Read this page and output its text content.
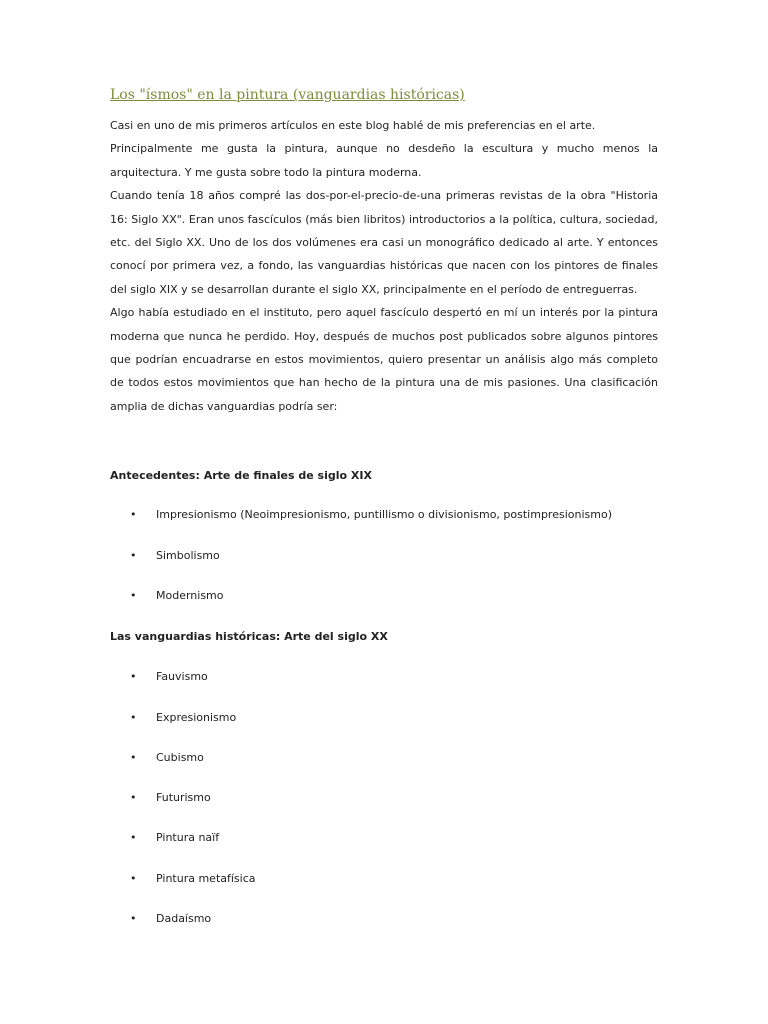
Los "ísmos" en la pintura (vanguardias históricas)

Casi en uno de mis primeros artículos en este blog hablé de mis preferencias en el arte.

Principalmente me gusta la pintura, aunque no desdeño la escultura y mucho menos la arquitectura. Y me gusta sobre todo la pintura moderna.

Cuando tenía 18 años compré las dos-por-el-precio-de-una primeras revistas de la obra "Historia 16: Siglo XX". Eran unos fascículos (más bien libritos) introductorios a la política, cultura, sociedad, etc. del Siglo XX. Uno de los dos volúmenes era casi un monográfico dedicado al arte. Y entonces conocí por primera vez, a fondo, las vanguardias históricas que nacen con los pintores de finales del siglo XIX y se desarrollan durante el siglo XX, principalmente en el período de entreguerras.

Algo había estudiado en el instituto, pero aquel fascículo despertó en mí un interés por la pintura moderna que nunca he perdido. Hoy, después de muchos post publicados sobre algunos pintores que podrían encuadrarse en estos movimientos, quiero presentar un análisis algo más completo de todos estos movimientos que han hecho de la pintura una de mis pasiones. Una clasificación amplia de dichas vanguardias podría ser:

Antecedentes: Arte de finales de siglo XIX
• Impresionismo (Neoimpresionismo, puntillismo o divisionismo, postimpresionismo)
• Simbolismo
• Modernismo
Las vanguardias históricas: Arte del siglo XX
• Fauvismo
• Expresionismo
• Cubismo
• Futurismo
• Pintura naïf
• Pintura metafísica
• Dadaísmo
